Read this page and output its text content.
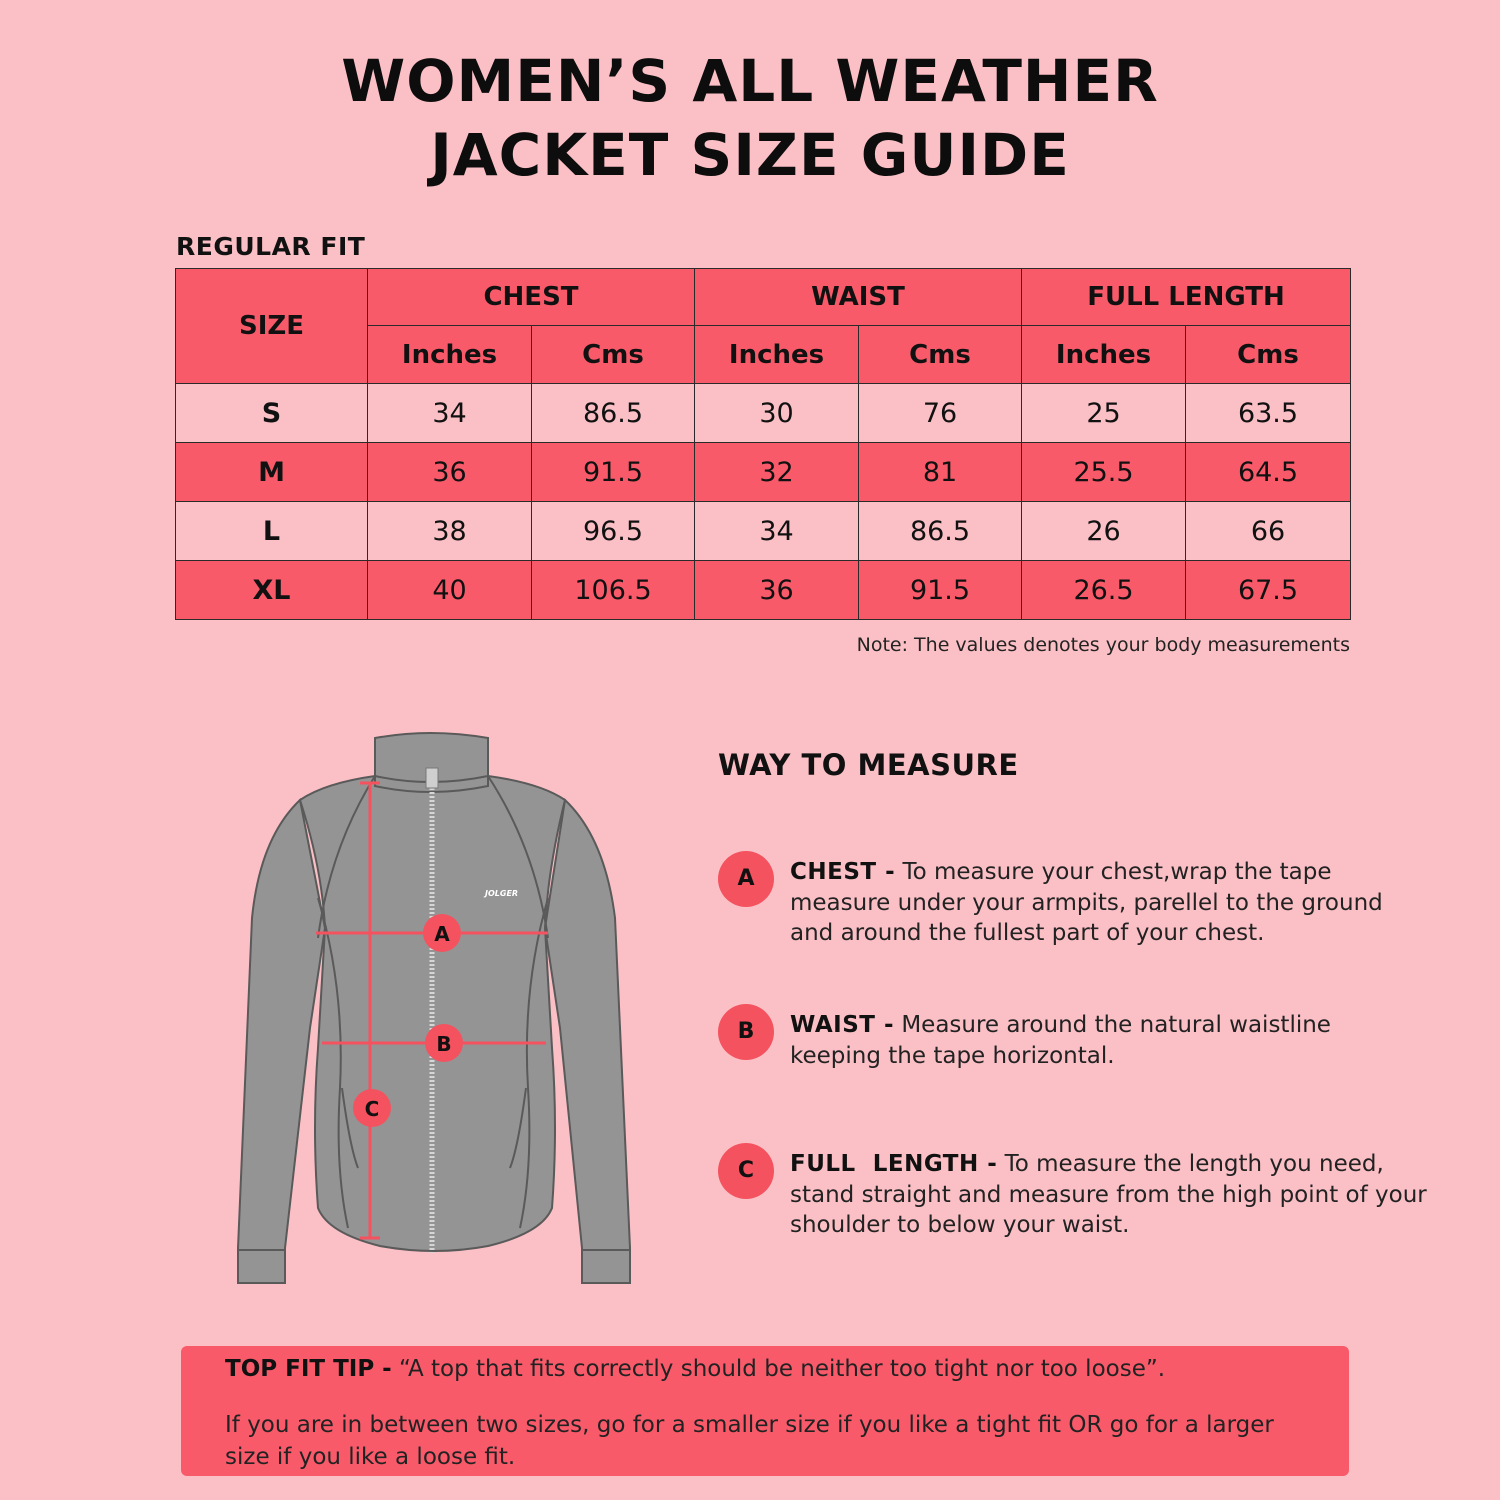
WOMEN’S ALL WEATHER
JACKET SIZE GUIDE
REGULAR FIT
SIZE	CHEST		WAIST		FULL LENGTH	
	Inches	Cms	Inches	Cms	Inches	Cms
S	34	86.5	30	76	25	63.5
M	36	91.5	32	81	25.5	64.5
L	38	96.5	34	86.5	26	66
XL	40	106.5	36	91.5	26.5	67.5
Note: The values denotes your body measurements
JOLGER
A
B
C
WAY TO MEASURE
A	CHEST - To measure your chest,wrap the tape measure under your armpits, parellel to the ground and around the fullest part of your chest.
B	WAIST - Measure around the natural waistline keeping the tape horizontal.
C	FULL  LENGTH - To measure the length you need, stand straight and measure from the high point of your shoulder to below your waist.
TOP FIT TIP - “A top that fits correctly should be neither too tight nor too loose”.
If you are in between two sizes, go for a smaller size if you like a tight fit OR go for a larger size if you like a loose fit.
